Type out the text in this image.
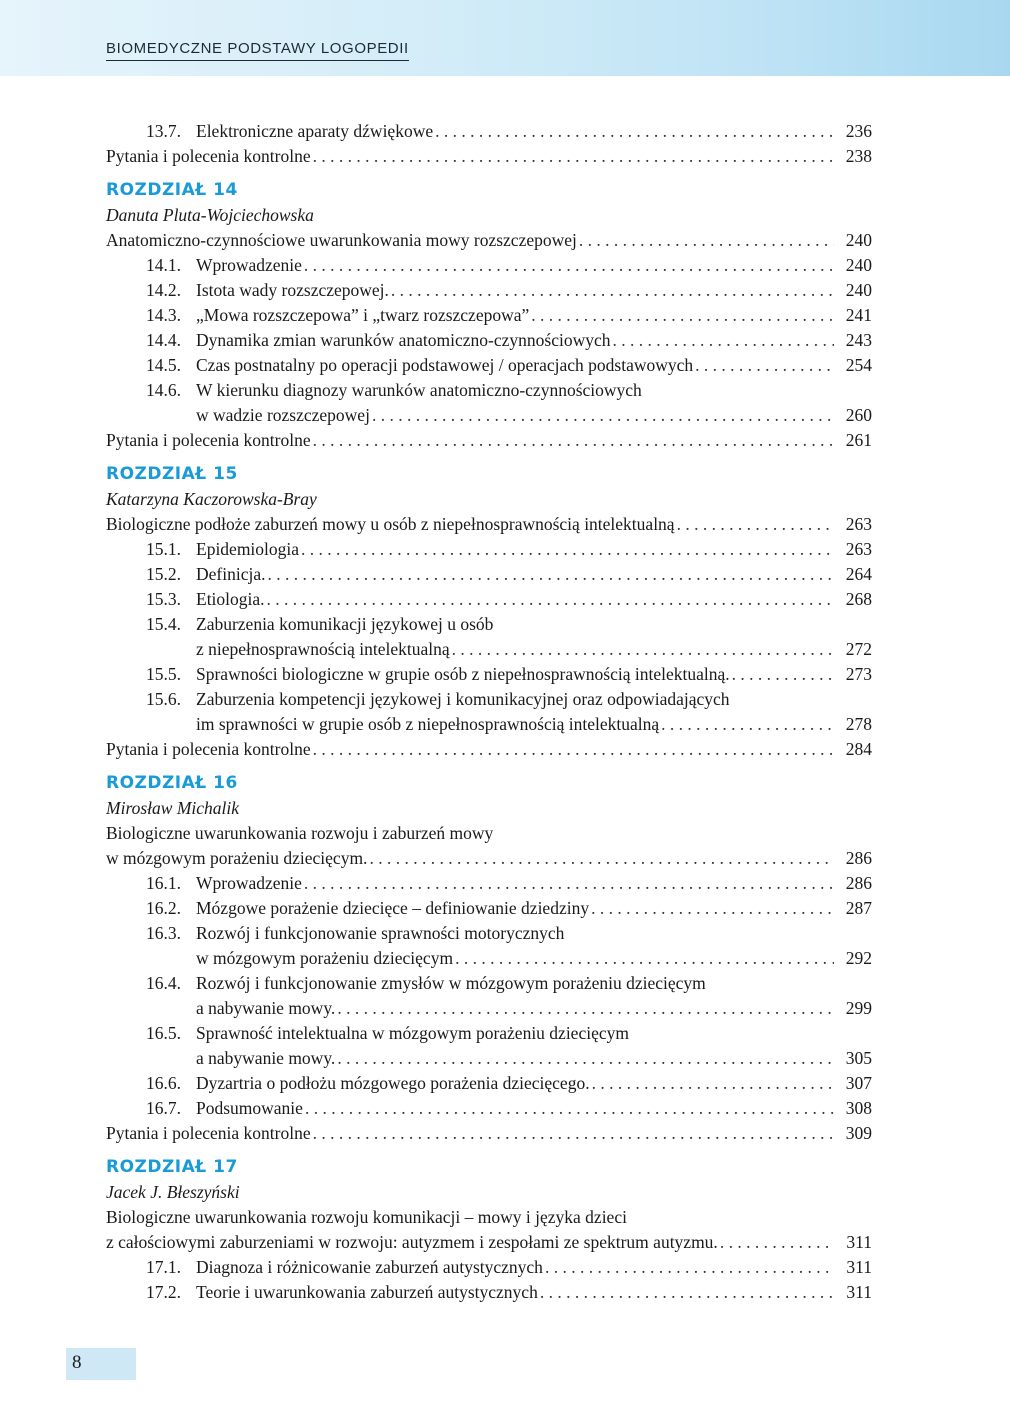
BIOMEDYCZNE PODSTAWY LOGOPEDII
13.7. Elektroniczne aparaty dźwiękowe . . .	236
Pytania i polecenia kontrolne . . .	238
ROZDZIAŁ 14
Danuta Pluta-Wojciechowska
Anatomiczno-czynnościowe uwarunkowania mowy rozszczepowej . . .	240
14.1. Wprowadzenie . . .	240
14.2. Istota wady rozszczepowej. . . .	240
14.3. „Mowa rozszczepowa” i „twarz rozszczepowa” . . .	241
14.4. Dynamika zmian warunków anatomiczno-czynnościowych . . .	243
14.5. Czas postnatalny po operacji podstawowej / operacjach podstawowych . . .	254
14.6. W kierunku diagnozy warunków anatomiczno-czynnościowych
w wadzie rozszczepowej . . .	260
Pytania i polecenia kontrolne . . .	261
ROZDZIAŁ 15
Katarzyna Kaczorowska-Bray
Biologiczne podłoże zaburzeń mowy u osób z niepełnosprawnością intelektualną . . .	263
15.1. Epidemiologia . . .	263
15.2. Definicja. . . .	264
15.3. Etiologia. . . .	268
15.4. Zaburzenia komunikacji językowej u osób
z niepełnosprawnością intelektualną . . .	272
15.5. Sprawności biologiczne w grupie osób z niepełnosprawnością intelektualną. . . .	273
15.6. Zaburzenia kompetencji językowej i komunikacyjnej oraz odpowiadających
im sprawności w grupie osób z niepełnosprawnością intelektualną . . .	278
Pytania i polecenia kontrolne . . .	284
ROZDZIAŁ 16
Mirosław Michalik
Biologiczne uwarunkowania rozwoju i zaburzeń mowy
w mózgowym porażeniu dziecięcym. . . .	286
16.1. Wprowadzenie . . .	286
16.2. Mózgowe porażenie dziecięce – definiowanie dziedziny . . .	287
16.3. Rozwój i funkcjonowanie sprawności motorycznych
w mózgowym porażeniu dziecięcym . . .	292
16.4. Rozwój i funkcjonowanie zmysłów w mózgowym porażeniu dziecięcym
a nabywanie mowy. . . .	299
16.5. Sprawność intelektualna w mózgowym porażeniu dziecięcym
a nabywanie mowy. . . .	305
16.6. Dyzartria o podłożu mózgowego porażenia dziecięcego. . . .	307
16.7. Podsumowanie . . .	308
Pytania i polecenia kontrolne . . .	309
ROZDZIAŁ 17
Jacek J. Błeszyński
Biologiczne uwarunkowania rozwoju komunikacji – mowy i języka dzieci
z całościowymi zaburzeniami w rozwoju: autyzmem i zespołami ze spektrum autyzmu. . . .	311
17.1. Diagnoza i różnicowanie zaburzeń autystycznych . . .	311
17.2. Teorie i uwarunkowania zaburzeń autystycznych . . .	311
8
